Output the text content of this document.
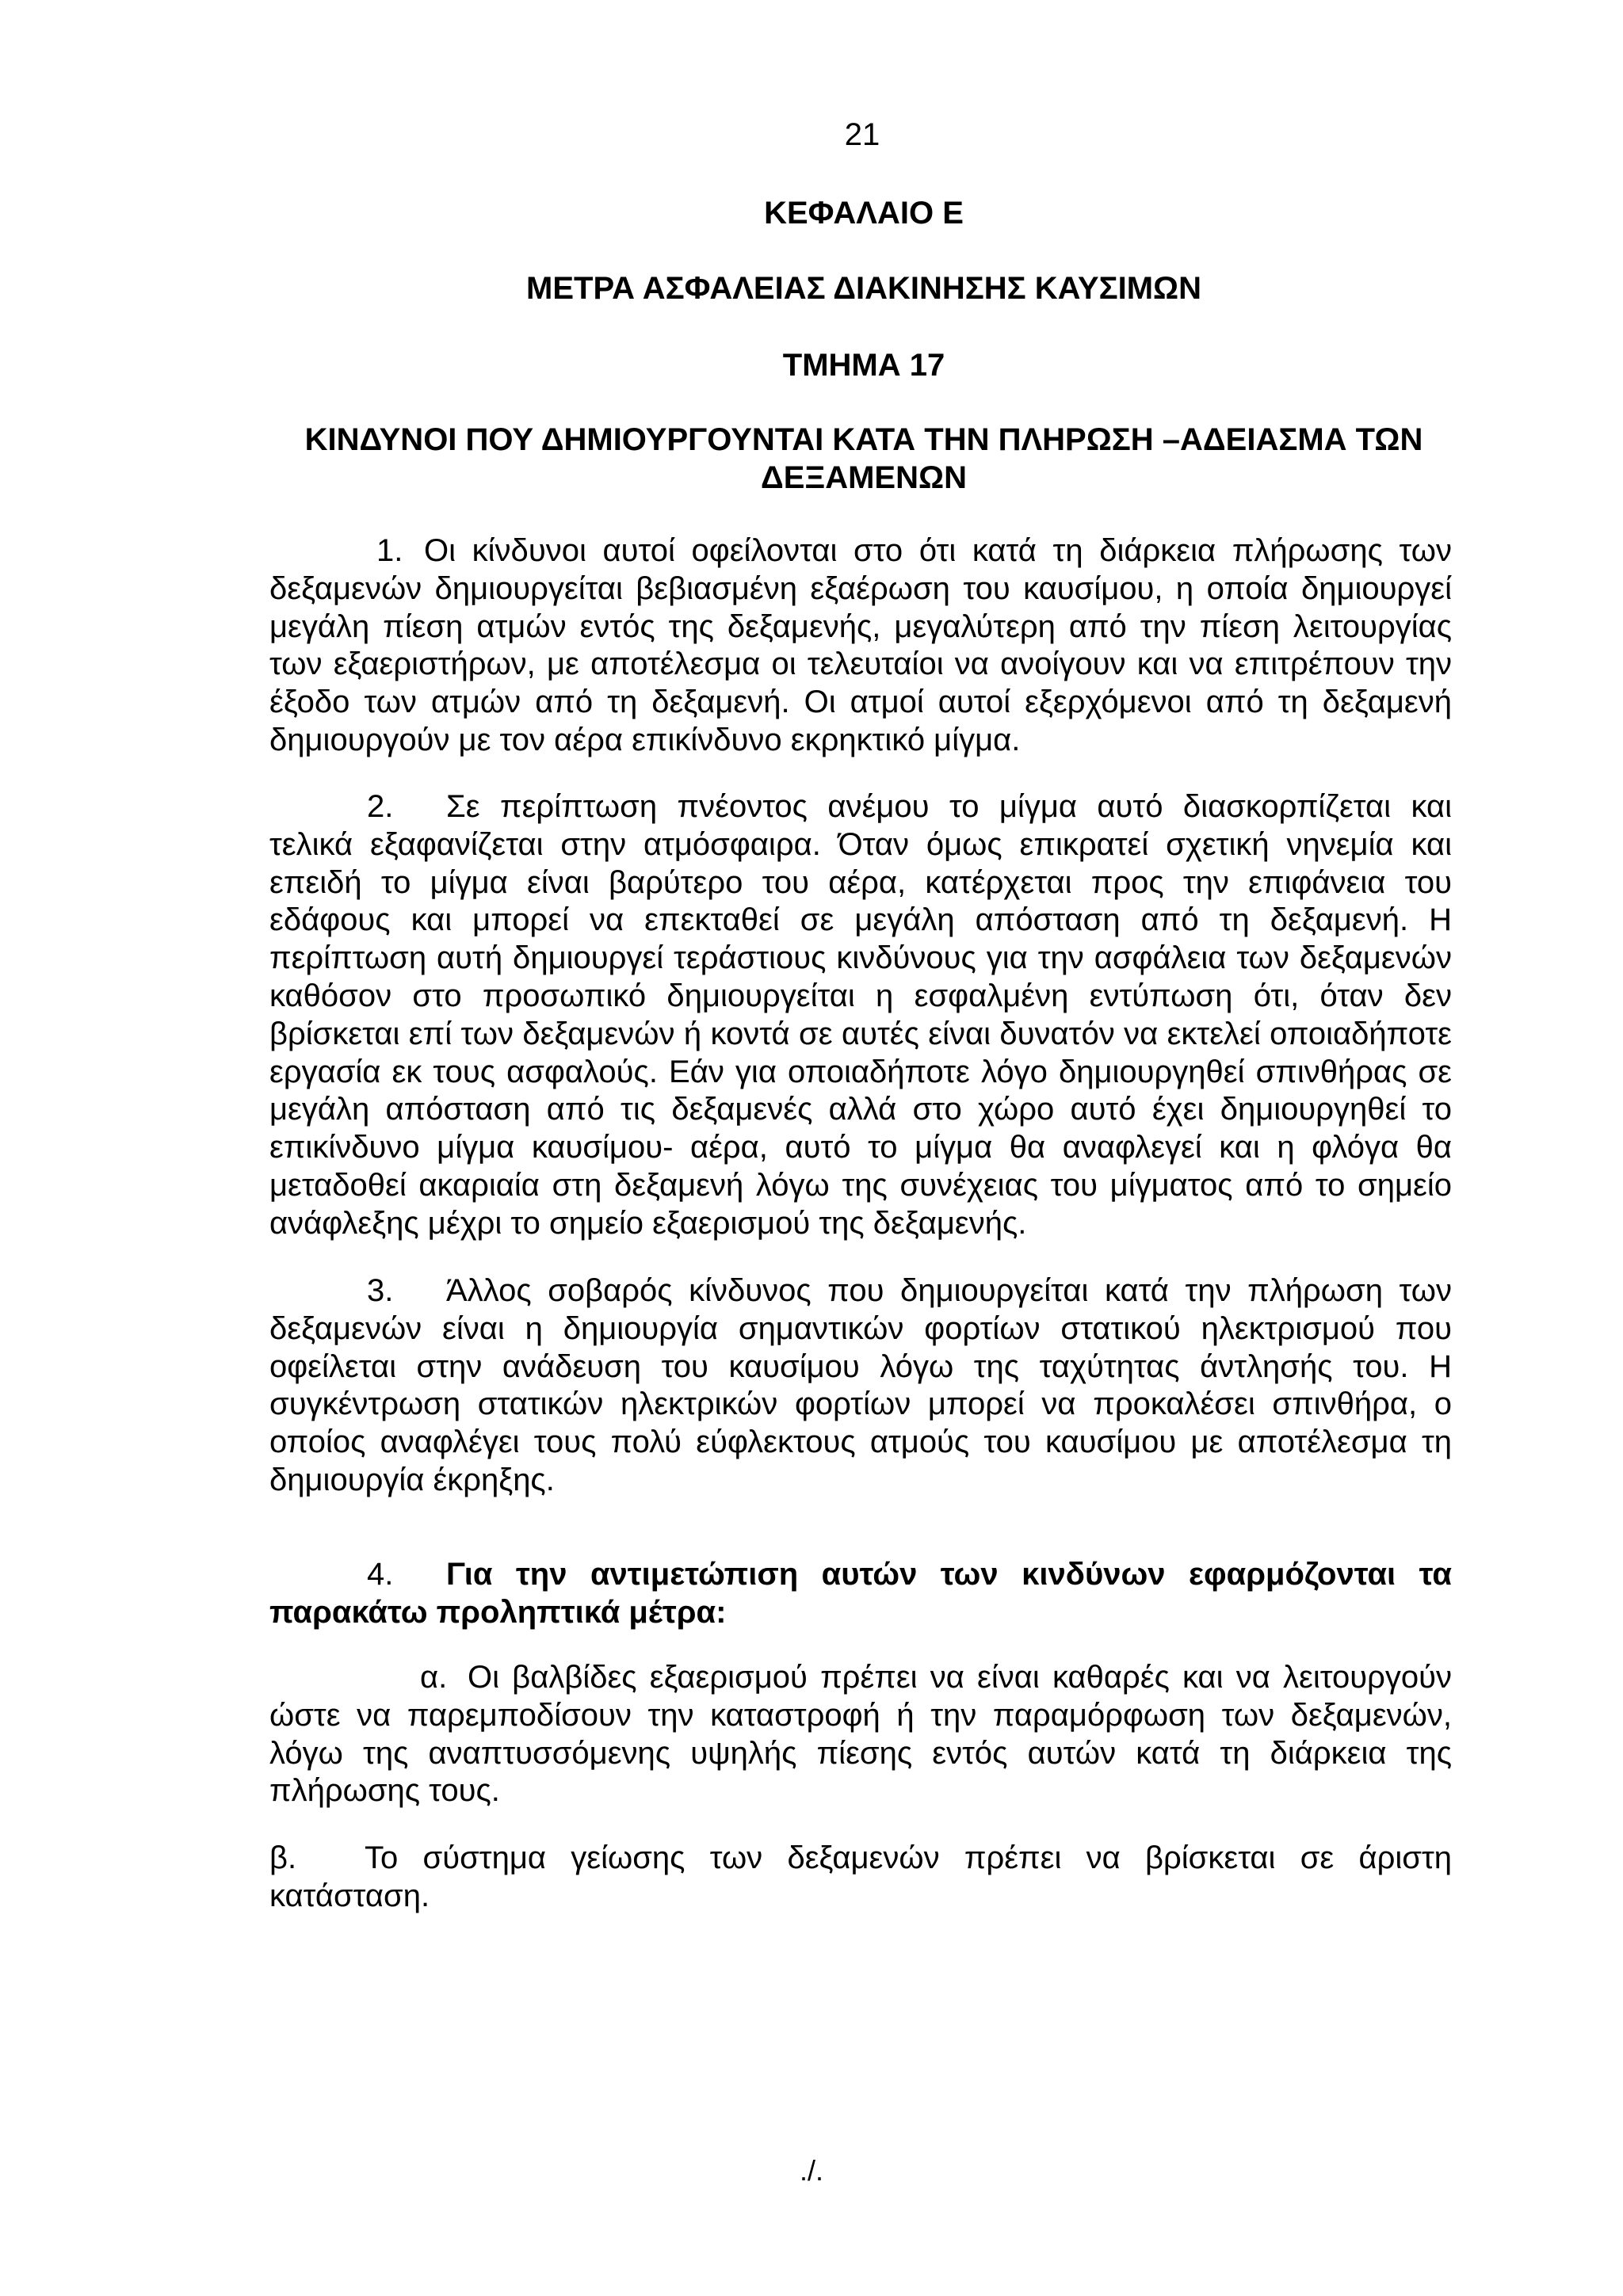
21
ΚΕΦΑΛΑΙΟ Ε
ΜΕΤΡΑ ΑΣΦΑΛΕΙΑΣ ΔΙΑΚΙΝΗΣΗΣ ΚΑΥΣΙΜΩΝ
ΤΜΗΜΑ 17
ΚΙΝΔΥΝΟΙ ΠΟΥ ΔΗΜΙΟΥΡΓΟΥΝΤΑΙ ΚΑΤΑ ΤΗΝ ΠΛΗΡΩΣΗ –ΑΔΕΙΑΣΜΑ ΤΩΝ
ΔΕΞΑΜΕΝΩΝ

1. Οι κίνδυνοι αυτοί οφείλονται στο ότι κατά τη διάρκεια πλήρωσης των δεξαμενών δημιουργείται βεβιασμένη εξαέρωση του καυσίμου, η οποία δημιουργεί μεγάλη πίεση ατμών εντός της δεξαμενής, μεγαλύτερη από την πίεση λειτουργίας των εξαεριστήρων, με αποτέλεσμα οι τελευταίοι να ανοίγουν και να επιτρέπουν την έξοδο των ατμών από τη δεξαμενή. Οι ατμοί αυτοί εξερχόμενοι από τη δεξαμενή δημιουργούν με τον αέρα επικίνδυνο εκρηκτικό μίγμα.

2. Σε περίπτωση πνέοντος ανέμου το μίγμα αυτό διασκορπίζεται και τελικά εξαφανίζεται στην ατμόσφαιρα. Όταν όμως επικρατεί σχετική νηνεμία και επειδή το μίγμα είναι βαρύτερο του αέρα, κατέρχεται προς την επιφάνεια του εδάφους και μπορεί να επεκταθεί σε μεγάλη απόσταση από τη δεξαμενή. Η περίπτωση αυτή δημιουργεί τεράστιους κινδύνους για την ασφάλεια των δεξαμενών καθόσον στο προσωπικό δημιουργείται η εσφαλμένη εντύπωση ότι, όταν δεν βρίσκεται επί των δεξαμενών ή κοντά σε αυτές είναι δυνατόν να εκτελεί οποιαδήποτε εργασία εκ τους ασφαλούς. Εάν για οποιαδήποτε λόγο δημιουργηθεί σπινθήρας σε μεγάλη απόσταση από τις δεξαμενές αλλά στο χώρο αυτό έχει δημιουργηθεί το επικίνδυνο μίγμα καυσίμου- αέρα, αυτό το μίγμα θα αναφλεγεί και η φλόγα θα μεταδοθεί ακαριαία στη δεξαμενή λόγω της συνέχειας του μίγματος από το σημείο ανάφλεξης μέχρι το σημείο εξαερισμού της δεξαμενής.

3. Άλλος σοβαρός κίνδυνος που δημιουργείται κατά την πλήρωση των δεξαμενών είναι η δημιουργία σημαντικών φορτίων στατικού ηλεκτρισμού που οφείλεται στην ανάδευση του καυσίμου λόγω της ταχύτητας άντλησής του. Η συγκέντρωση στατικών ηλεκτρικών φορτίων μπορεί να προκαλέσει σπινθήρα, ο οποίος αναφλέγει τους πολύ εύφλεκτους ατμούς του καυσίμου με αποτέλεσμα τη δημιουργία έκρηξης.

4. Για την αντιμετώπιση αυτών των κινδύνων εφαρμόζονται τα παρακάτω προληπτικά μέτρα:

α. Οι βαλβίδες εξαερισμού πρέπει να είναι καθαρές και να λειτουργούν ώστε να παρεμποδίσουν την καταστροφή ή την παραμόρφωση των δεξαμενών, λόγω της αναπτυσσόμενης υψηλής πίεσης εντός αυτών κατά τη διάρκεια της πλήρωσης τους.

β. Το σύστημα γείωσης των δεξαμενών πρέπει να βρίσκεται σε άριστη κατάσταση.

./.
